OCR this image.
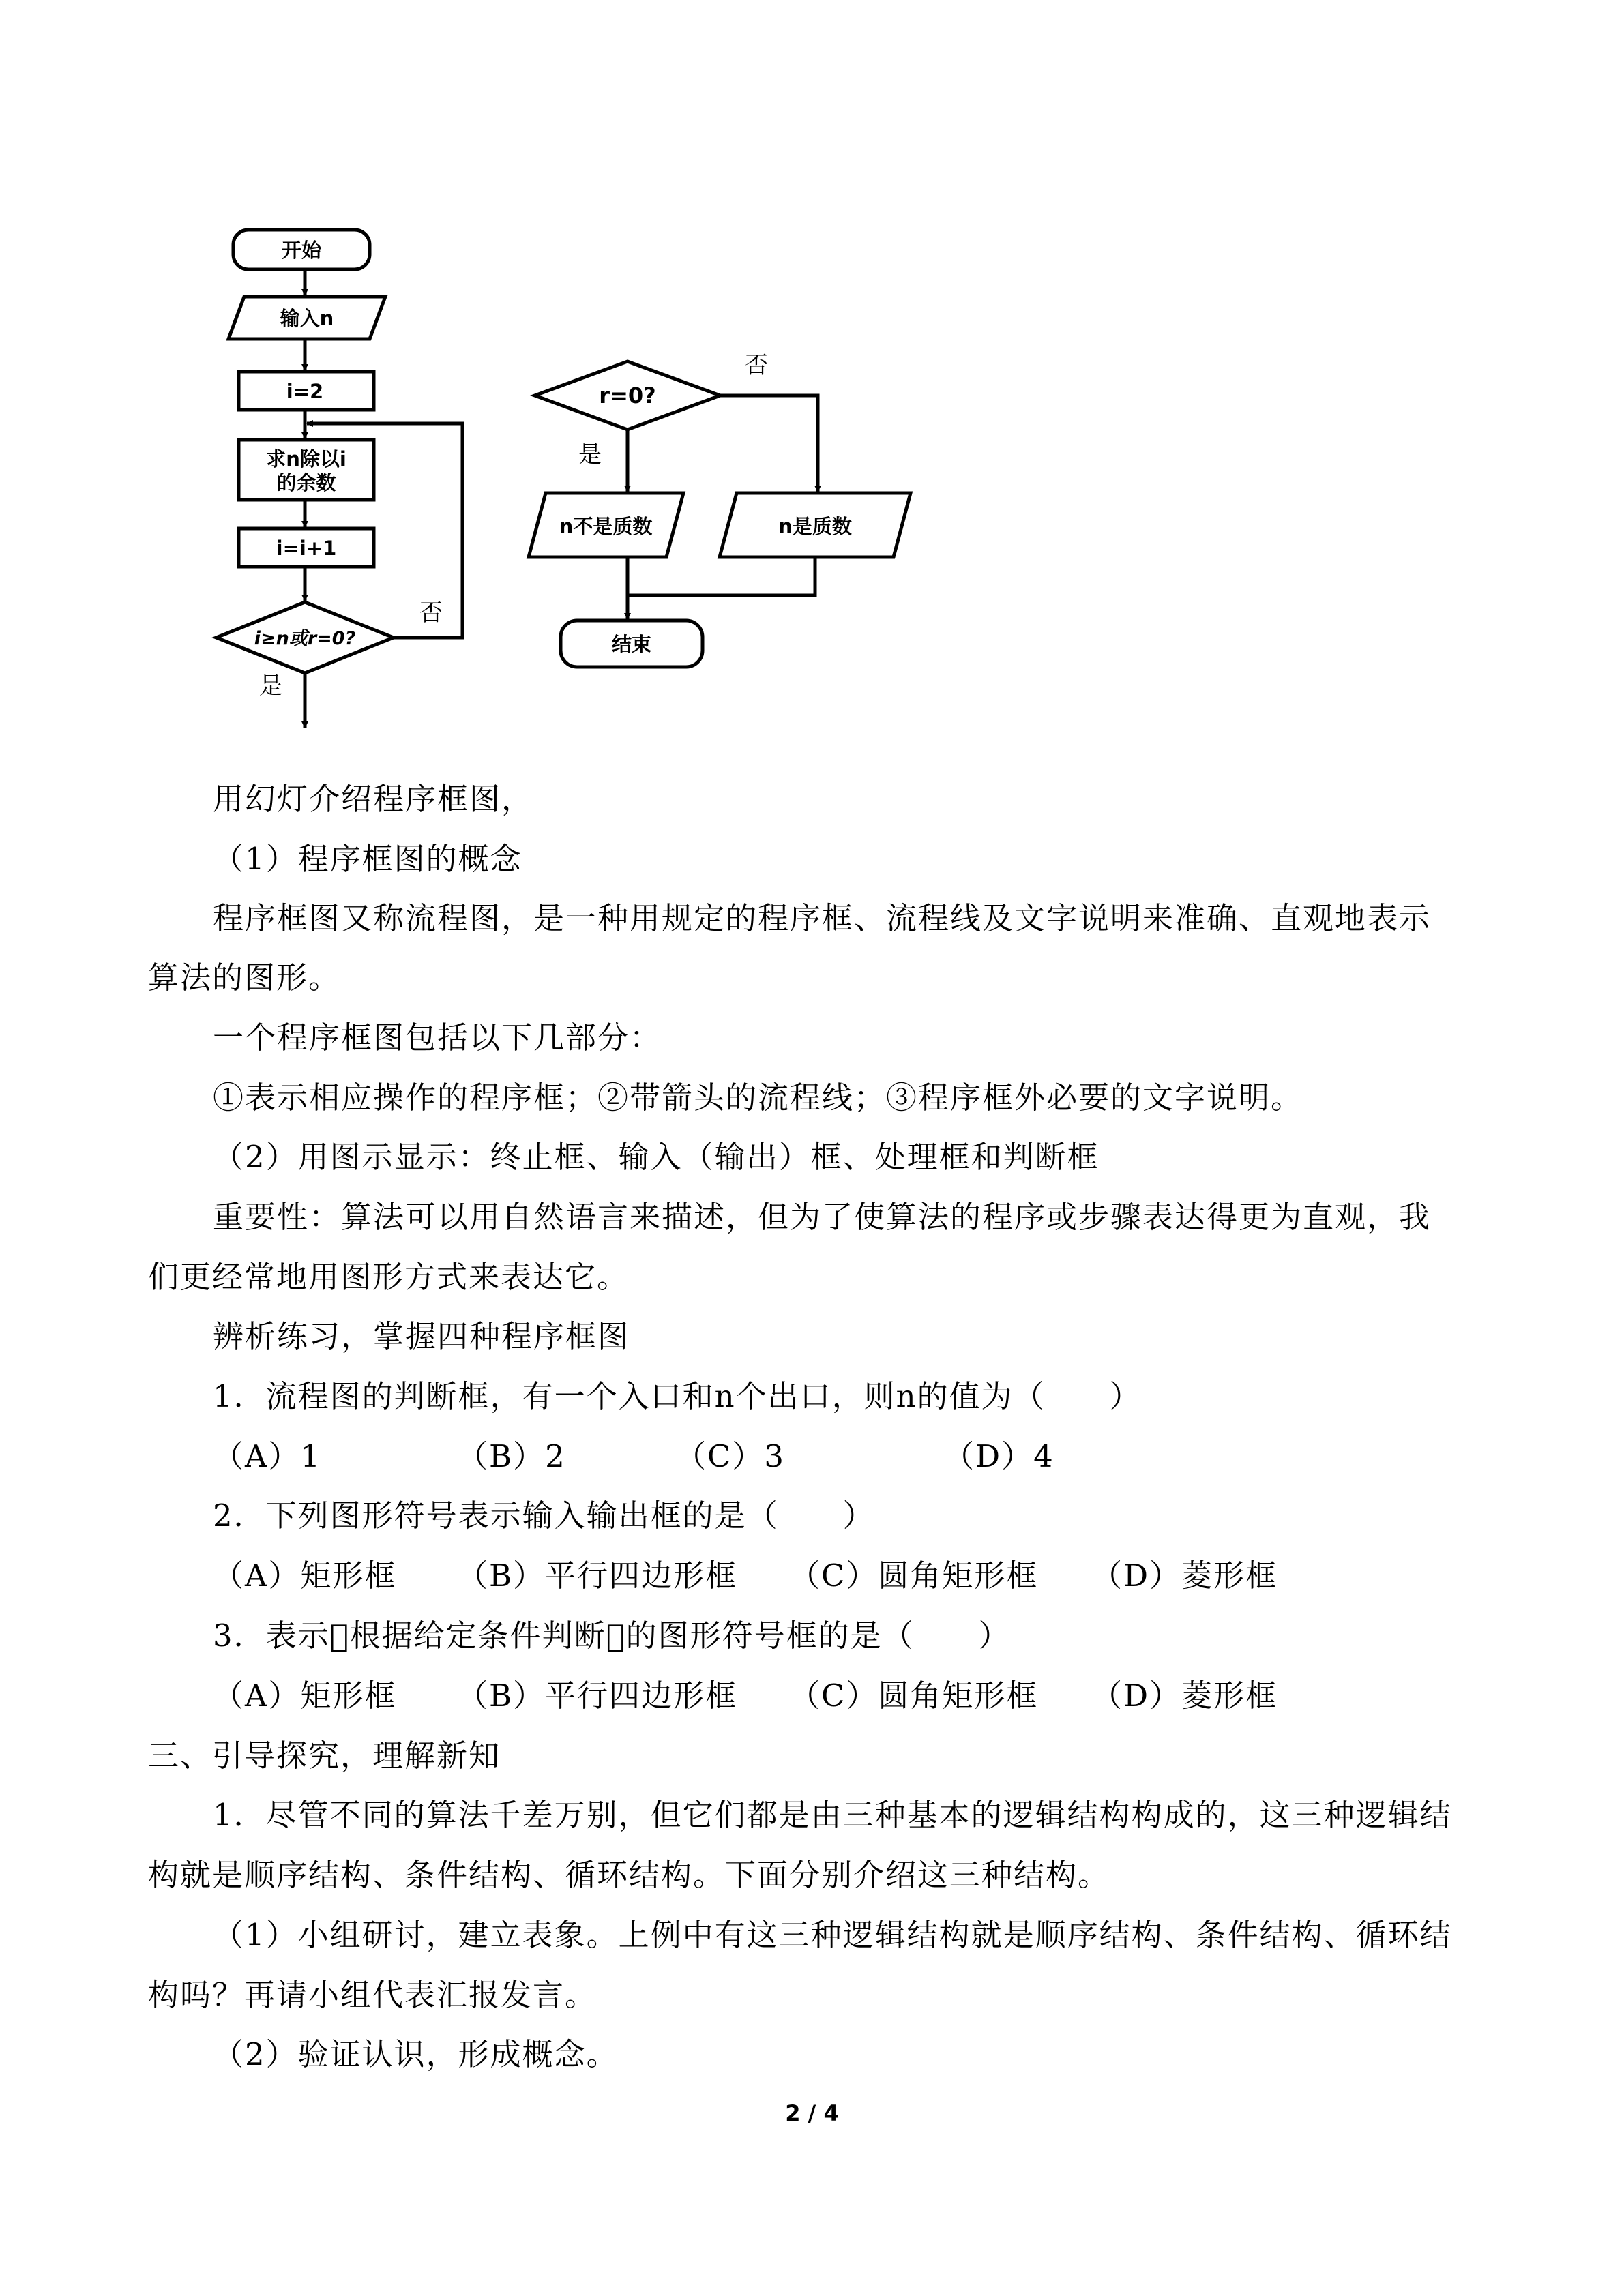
开始
输入n
i=2
求n除以i
的余数
i=i+1
i≥n或r=0?
否
是
r=0?
否
是
n不是质数	n是质数
结束

用幻灯介绍程序框图，

（1）程序框图的概念

程序框图又称流程图，是一种用规定的程序框、流程线及文字说明来准确、直观地表示

算法的图形。

一个程序框图包括以下几部分：

①表示相应操作的程序框；②带箭头的流程线；③程序框外必要的文字说明。

（2）用图示显示：终止框、输入（输出）框、处理框和判断框

重要性：算法可以用自然语言来描述，但为了使算法的程序或步骤表达得更为直观，我

们更经常地用图形方式来表达它。

辨析练习，掌握四种程序框图

1．流程图的判断框，有一个入口和n个出口，则n的值为（　　）

（A）1	（B）2	（C）3	（D）4

2．下列图形符号表示输入输出框的是（　　）

（A）矩形框 （B）平行四边形框 （C）圆角矩形框 （D）菱形框

3．表示 根据给定条件判断 的图形符号框的是（　　）

（A）矩形框 （B）平行四边形框 （C）圆角矩形框 （D）菱形框

三、引导探究，理解新知

1．尽管不同的算法千差万别，但它们都是由三种基本的逻辑结构构成的，这三种逻辑结

构就是顺序结构、条件结构、循环结构。下面分别介绍这三种结构。

（1）小组研讨，建立表象。上例中有这三种逻辑结构就是顺序结构、条件结构、循环结

构吗？再请小组代表汇报发言。

（2）验证认识，形成概念。

2 / 4
